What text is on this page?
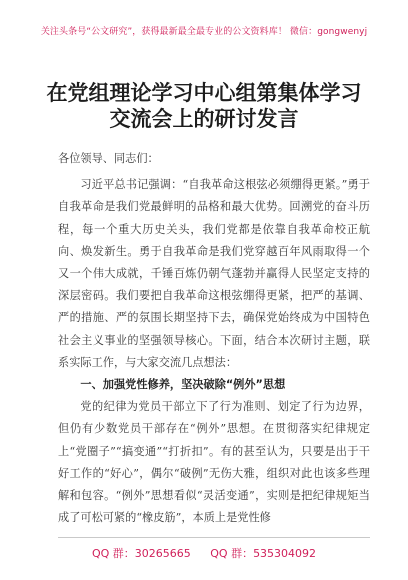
关注头条号“公文研究”，获得最新最全最专业的公文资料库！ 微信：gongwenyj
在党组理论学习中心组第集体学习交流会上的研讨发言

各位领导、同志们：

习近平总书记强调：“自我革命这根弦必须绷得更紧。”勇于自我革命是我们党最鲜明的品格和最大优势。回溯党的奋斗历程，每一个重大历史关头，我们党都是依靠自我革命校正航向、焕发新生。勇于自我革命是我们党穿越百年风雨取得一个又一个伟大成就，千锤百炼仍朝气蓬勃并赢得人民坚定支持的深层密码。我们要把自我革命这根弦绷得更紧，把严的基调、严的措施、严的氛围长期坚持下去，确保党始终成为中国特色社会主义事业的坚强领导核心。下面，结合本次研讨主题，联系实际工作，与大家交流几点想法：

一、加强党性修养，坚决破除“例外”思想

党的纪律为党员干部立下了行为准则、划定了行为边界，但仍有少数党员干部存在“例外”思想。在贯彻落实纪律规定上“党圈子”“搞变通”“打折扣”。有的甚至认为，只要是出于干好工作的“好心”，偶尔“破例”无伤大雅，组织对此也该多些理解和包容。“例外”思想看似“灵活变通”，实则是把纪律规矩当成了可松可紧的“橡皮筋”，本质上是党性修

QQ 群：30265665 QQ 群：535304092
